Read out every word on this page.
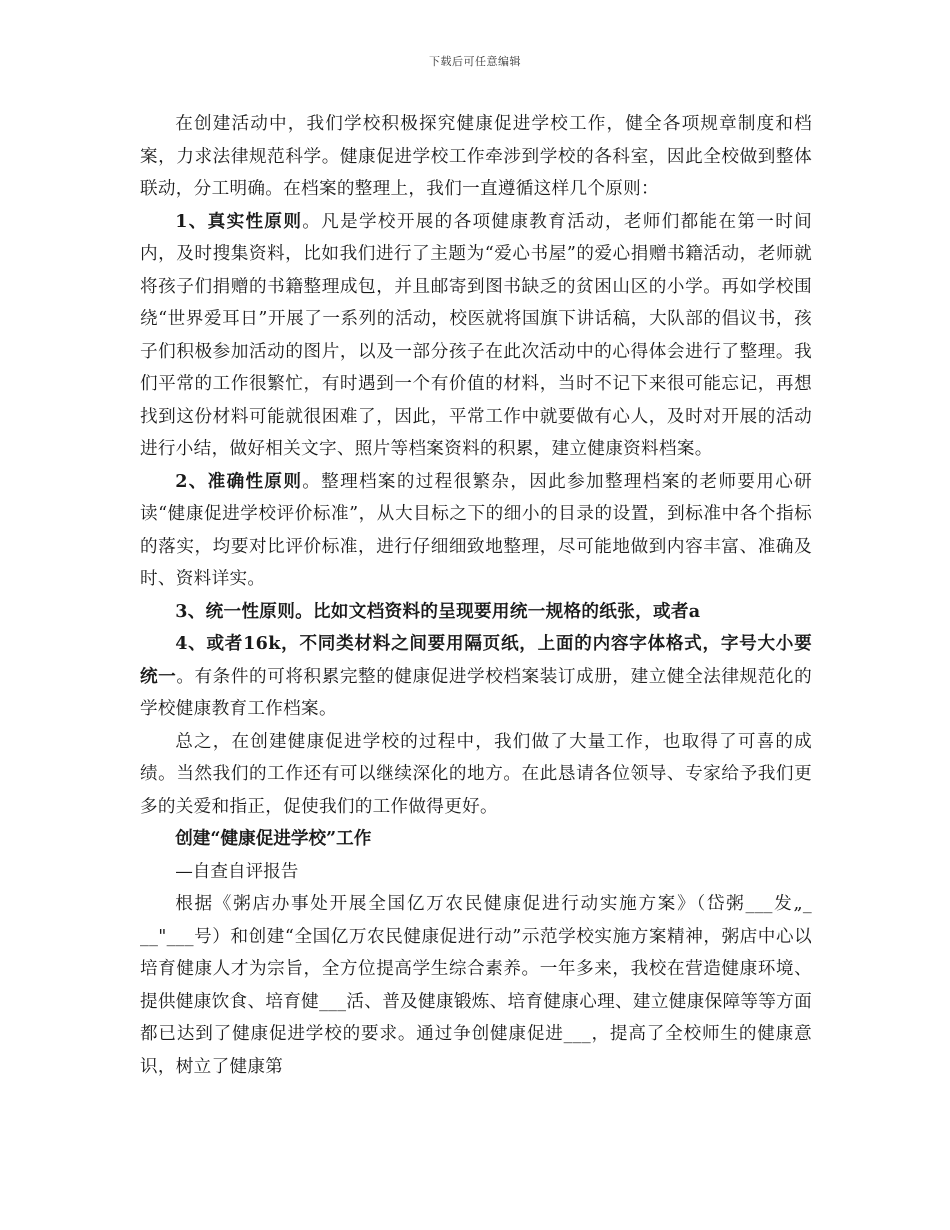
下载后可任意编辑

在创建活动中，我们学校积极探究健康促进学校工作，健全各项规章制度和档案，力求法律规范科学。健康促进学校工作牵涉到学校的各科室，因此全校做到整体联动，分工明确。在档案的整理上，我们一直遵循这样几个原则：

1、真实性原则。凡是学校开展的各项健康教育活动，老师们都能在第一时间内，及时搜集资料，比如我们进行了主题为“爱心书屋”的爱心捐赠书籍活动，老师就将孩子们捐赠的书籍整理成包，并且邮寄到图书缺乏的贫困山区的小学。再如学校围绕“世界爱耳日”开展了一系列的活动，校医就将国旗下讲话稿，大队部的倡议书，孩子们积极参加活动的图片，以及一部分孩子在此次活动中的心得体会进行了整理。我们平常的工作很繁忙，有时遇到一个有价值的材料，当时不记下来很可能忘记，再想找到这份材料可能就很困难了，因此，平常工作中就要做有心人，及时对开展的活动进行小结，做好相关文字、照片等档案资料的积累，建立健康资料档案。

2、准确性原则。整理档案的过程很繁杂，因此参加整理档案的老师要用心研读“健康促进学校评价标准”，从大目标之下的细小的目录的设置，到标准中各个指标的落实，均要对比评价标准，进行仔细细致地整理，尽可能地做到内容丰富、准确及时、资料详实。

3、统一性原则。比如文档资料的呈现要用统一规格的纸张，或者a

4、或者16k，不同类材料之间要用隔页纸，上面的内容字体格式，字号大小要统一。有条件的可将积累完整的健康促进学校档案装订成册，建立健全法律规范化的学校健康教育工作档案。

总之，在创建健康促进学校的过程中，我们做了大量工作，也取得了可喜的成绩。当然我们的工作还有可以继续深化的地方。在此恳请各位领导、专家给予我们更多的关爱和指正，促使我们的工作做得更好。

创建“健康促进学校”工作

—自查自评报告

根据《粥店办事处开展全国亿万农民健康促进行动实施方案》（岱粥___发„_ __"___号）和创建“全国亿万农民健康促进行动”示范学校实施方案精神，粥店中心以培育健康人才为宗旨，全方位提高学生综合素养。一年多来，我校在营造健康环境、提供健康饮食、培育健___活、普及健康锻炼、培育健康心理、建立健康保障等等方面都已达到了健康促进学校的要求。通过争创健康促进___，提高了全校师生的健康意识，树立了健康第
